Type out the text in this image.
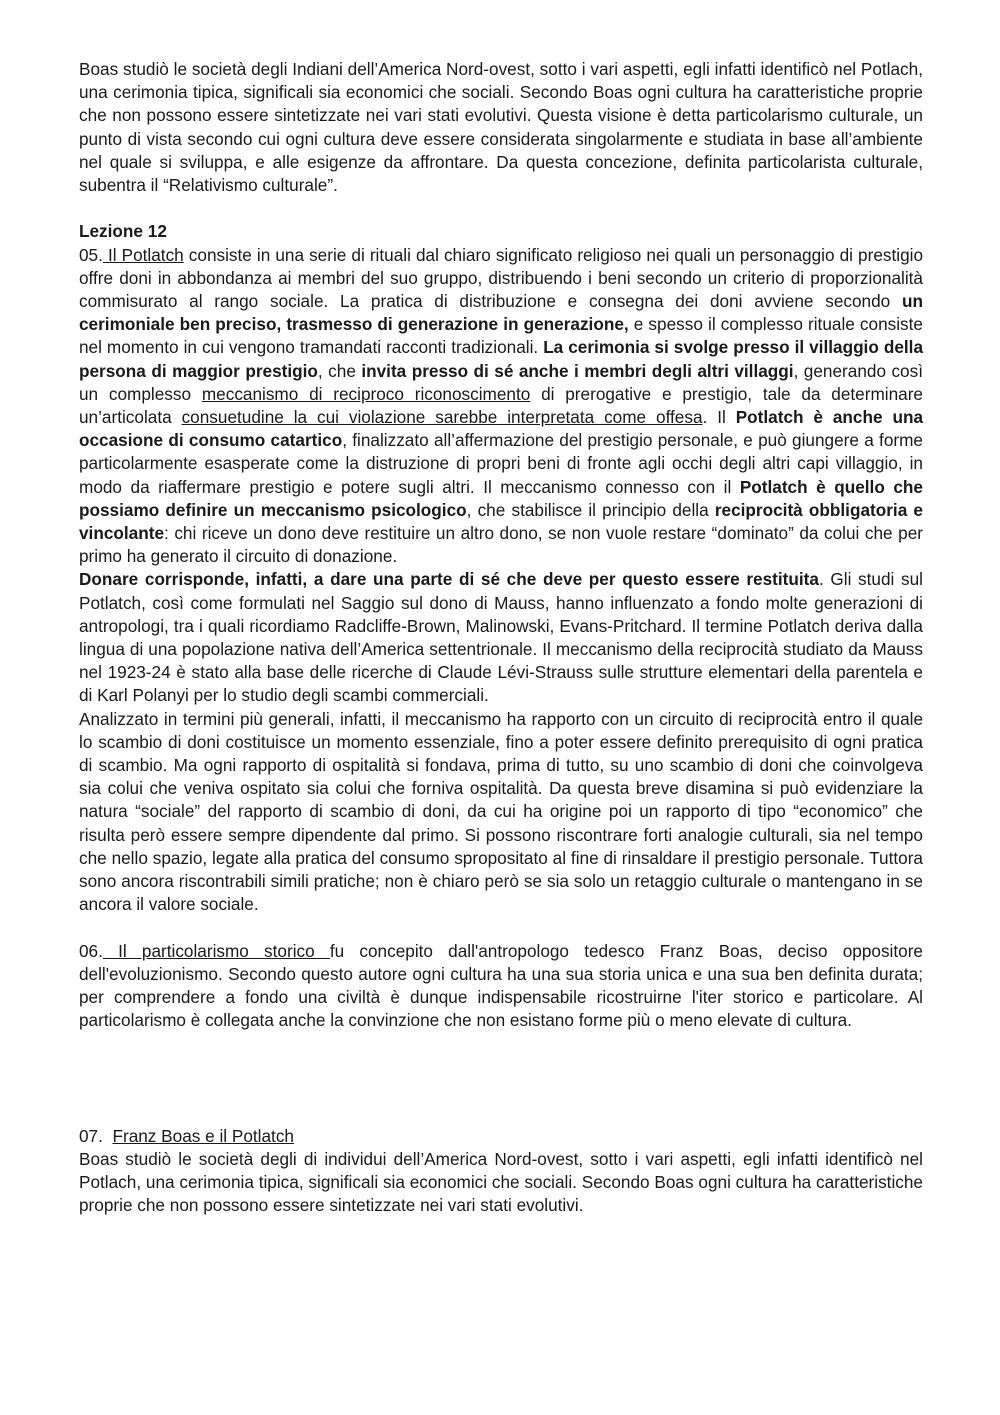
Boas studiò le società degli Indiani dell’America Nord-ovest, sotto i vari aspetti, egli infatti identificò nel Potlach, una cerimonia tipica, significali sia economici che sociali. Secondo Boas ogni cultura ha caratteristiche proprie che non possono essere sintetizzate nei vari stati evolutivi. Questa visione è detta particolarismo culturale, un punto di vista secondo cui ogni cultura deve essere considerata singolarmente e studiata in base all’ambiente nel quale si sviluppa, e alle esigenze da affrontare. Da questa concezione, definita particolarista culturale, subentra il “Relativismo culturale”.

Lezione 12

05. Il Potlatch consiste in una serie di rituali dal chiaro significato religioso nei quali un personaggio di prestigio offre doni in abbondanza ai membri del suo gruppo, distribuendo i beni secondo un criterio di proporzionalità commisurato al rango sociale. La pratica di distribuzione e consegna dei doni avviene secondo un cerimoniale ben preciso, trasmesso di generazione in generazione, e spesso il complesso rituale consiste nel momento in cui vengono tramandati racconti tradizionali. La cerimonia si svolge presso il villaggio della persona di maggior prestigio, che invita presso di sé anche i membri degli altri villaggi, generando così un complesso meccanismo di reciproco riconoscimento di prerogative e prestigio, tale da determinare un’articolata consuetudine la cui violazione sarebbe interpretata come offesa. Il Potlatch è anche una occasione di consumo catartico, finalizzato all’affermazione del prestigio personale, e può giungere a forme particolarmente esasperate come la distruzione di propri beni di fronte agli occhi degli altri capi villaggio, in modo da riaffermare prestigio e potere sugli altri. Il meccanismo connesso con il Potlatch è quello che possiamo definire un meccanismo psicologico, che stabilisce il principio della reciprocità obbligatoria e vincolante: chi riceve un dono deve restituire un altro dono, se non vuole restare “dominato” da colui che per primo ha generato il circuito di donazione.

Donare corrisponde, infatti, a dare una parte di sé che deve per questo essere restituita. Gli studi sul Potlatch, così come formulati nel Saggio sul dono di Mauss, hanno influenzato a fondo molte generazioni di antropologi, tra i quali ricordiamo Radcliffe-Brown, Malinowski, Evans-Pritchard. Il termine Potlatch deriva dalla lingua di una popolazione nativa dell’America settentrionale. Il meccanismo della reciprocità studiato da Mauss nel 1923-24 è stato alla base delle ricerche di Claude Lévi-Strauss sulle strutture elementari della parentela e di Karl Polanyi per lo studio degli scambi commerciali.

Analizzato in termini più generali, infatti, il meccanismo ha rapporto con un circuito di reciprocità entro il quale lo scambio di doni costituisce un momento essenziale, fino a poter essere definito prerequisito di ogni pratica di scambio. Ma ogni rapporto di ospitalità si fondava, prima di tutto, su uno scambio di doni che coinvolgeva sia colui che veniva ospitato sia colui che forniva ospitalità. Da questa breve disamina si può evidenziare la natura “sociale” del rapporto di scambio di doni, da cui ha origine poi un rapporto di tipo “economico” che risulta però essere sempre dipendente dal primo. Si possono riscontrare forti analogie culturali, sia nel tempo che nello spazio, legate alla pratica del consumo spropositato al fine di rinsaldare il prestigio personale. Tuttora sono ancora riscontrabili simili pratiche; non è chiaro però se sia solo un retaggio culturale o mantengano in se ancora il valore sociale.

06. Il particolarismo storico fu concepito dall'antropologo tedesco Franz Boas, deciso oppositore dell'evoluzionismo. Secondo questo autore ogni cultura ha una sua storia unica e una sua ben definita durata; per comprendere a fondo una civiltà è dunque indispensabile ricostruirne l'iter storico e particolare. Al particolarismo è collegata anche la convinzione che non esistano forme più o meno elevate di cultura.

07. Franz Boas e il Potlatch

Boas studiò le società degli di individui dell’America Nord-ovest, sotto i vari aspetti, egli infatti identificò nel Potlach, una cerimonia tipica, significali sia economici che sociali. Secondo Boas ogni cultura ha caratteristiche proprie che non possono essere sintetizzate nei vari stati evolutivi.
